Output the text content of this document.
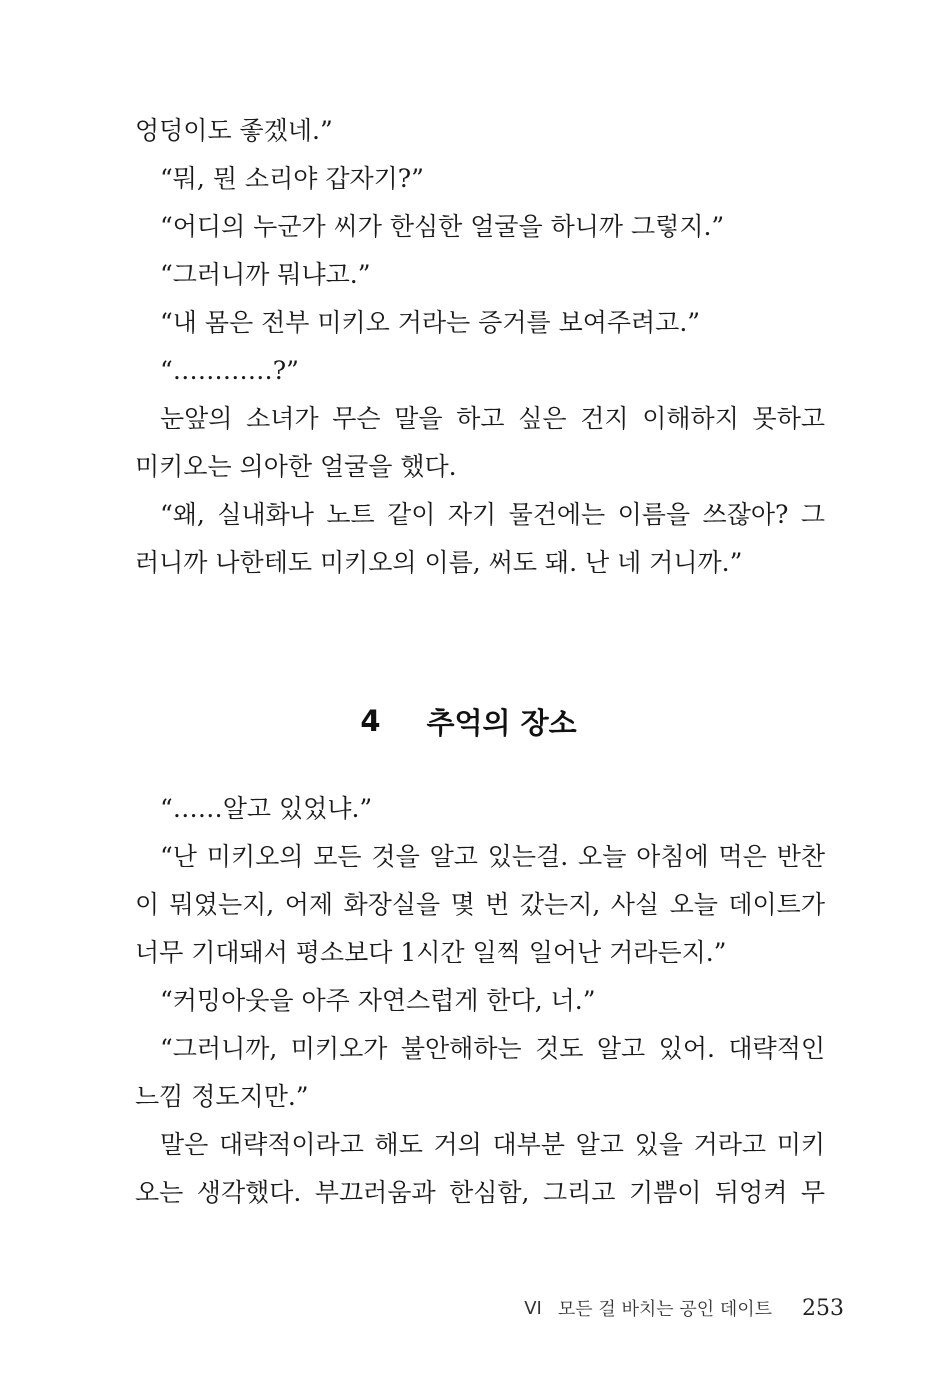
엉덩이도 좋겠네.”
“뭐, 뭔 소리야 갑자기?”
“어디의 누군가 씨가 한심한 얼굴을 하니까 그렇지.”
“그러니까 뭐냐고.”
“내 몸은 전부 미키오 거라는 증거를 보여주려고.”
“…………?”
눈앞의 소녀가 무슨 말을 하고 싶은 건지 이해하지 못하고
미키오는 의아한 얼굴을 했다.
“왜, 실내화나 노트 같이 자기 물건에는 이름을 쓰잖아? 그
러니까 나한테도 미키오의 이름, 써도 돼. 난 네 거니까.”
4 추억의 장소
“……알고 있었냐.”
“난 미키오의 모든 것을 알고 있는걸. 오늘 아침에 먹은 반찬
이 뭐였는지, 어제 화장실을 몇 번 갔는지, 사실 오늘 데이트가
너무 기대돼서 평소보다 1시간 일찍 일어난 거라든지.”
“커밍아웃을 아주 자연스럽게 한다, 너.”
“그러니까, 미키오가 불안해하는 것도 알고 있어. 대략적인
느낌 정도지만.”
말은 대략적이라고 해도 거의 대부분 알고 있을 거라고 미키
오는 생각했다. 부끄러움과 한심함, 그리고 기쁨이 뒤엉켜 무
VI 모든 걸 바치는 공인 데이트 253
